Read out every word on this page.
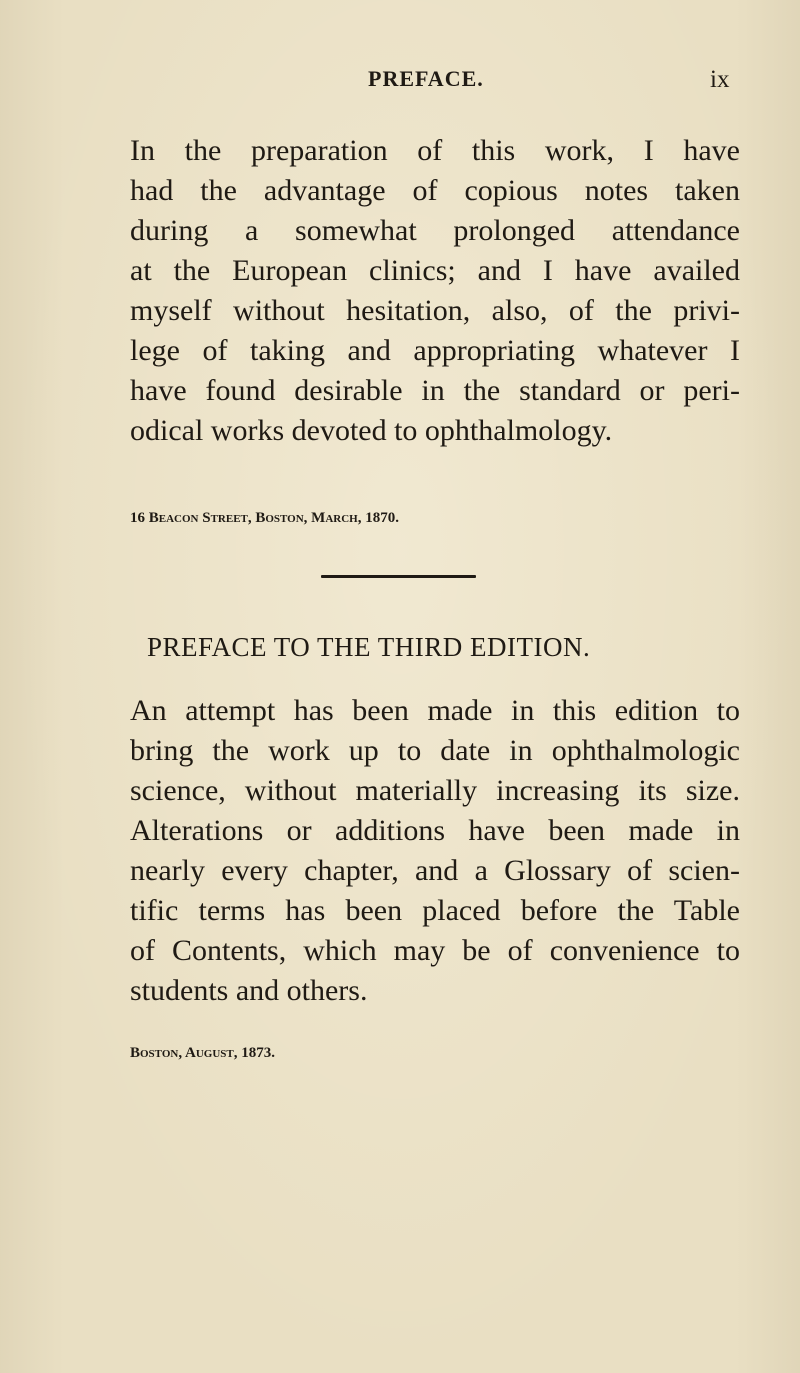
PREFACE.	ix
In the preparation of this work, I have
had the advantage of copious notes taken
during a somewhat prolonged attendance
at the European clinics; and I have availed
myself without hesitation, also, of the privi-
lege of taking and appropriating whatever I
have found desirable in the standard or peri-
odical works devoted to ophthalmology.
16 Beacon Street, Boston, March, 1870.
PREFACE TO THE THIRD EDITION.
An attempt has been made in this edition to
bring the work up to date in ophthalmologic
science, without materially increasing its size.
Alterations or additions have been made in
nearly every chapter, and a Glossary of scien-
tific terms has been placed before the Table
of Contents, which may be of convenience to
students and others.
Boston, August, 1873.
